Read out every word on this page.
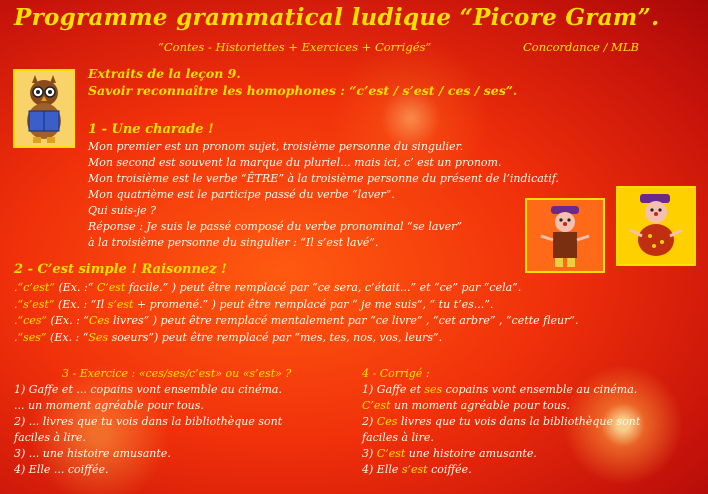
Programme grammatical ludique “Picore Gram”.
“Contes - Historiettes + Exercices + Corrigés”	Concordance / MLB
Extraits de la leçon 9.
Savoir reconnaître les homophones : “c’est / s’est / ces / ses”.
1 - Une charade !
Mon premier est un pronom sujet, troisième personne du singulier.
Mon second est souvent la marque du pluriel... mais ici, c’ est un pronom.
Mon troisième est le verbe “ÊTRE” à la troisième personne du présent de l’indicatif.
Mon quatrième est le participe passé du verbe “laver”.
Qui suis-je ?
Réponse : Je suis le passé composé du verbe pronominal “se laver”
à la troisième personne du singulier : “Il s’est lavé”.
2 - C’est simple ! Raisonnez !
.“c’est” (Ex. :“ C’est facile.” ) peut être remplacé par “ce sera, c’était...” et “ce” par “cela”.
.“s’est” (Ex. : “Il s’est + promené.” ) peut être remplacé par “ je me suis”, “ tu t’es...”.
.“ces” (Ex. : “Ces livres” ) peut être remplacé mentalement par “ce livre” , “cet arbre” , “cette fleur”.
.“ses” (Ex. : “Ses soeurs”) peut être remplacé par “mes, tes, nos, vos, leurs”.
3 - Exercice : «ces/ses/c’est» ou «s’est» ?
1) Gaffe et ... copains vont ensemble au cinéma.
... un moment agréable pour tous.
2) ... livres que tu vois dans la bibliothèque sont
faciles à lire.
3) ... une histoire amusante.
4) Elle ... coiffée.
4 - Corrigé :
1) Gaffe et ses copains vont ensemble au cinéma.
C’est un moment agréable pour tous.
2) Ces livres que tu vois dans la bibliothèque sont
faciles à lire.
3) C’est une histoire amusante.
4) Elle s’est coiffée.
